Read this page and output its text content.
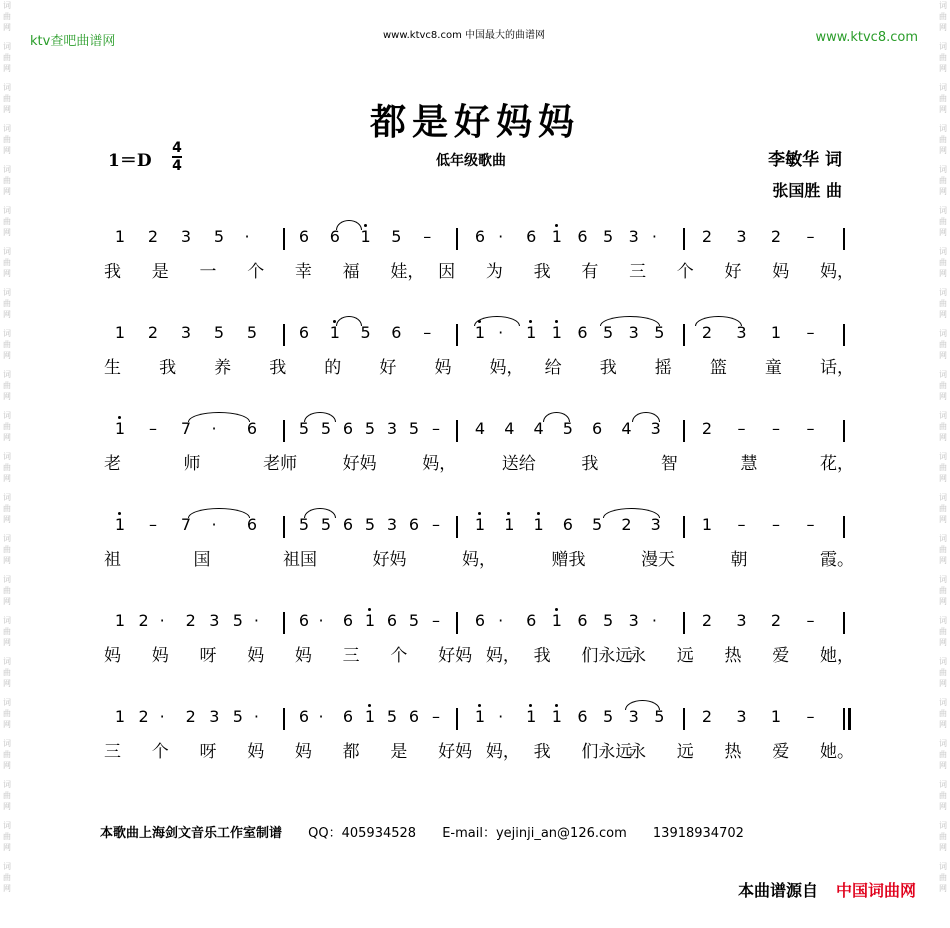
词
曲
网
词
曲
网
词
曲
网
词
曲
网
词
曲
网
词
曲
网
词
曲
网
词
曲
网
词
曲
网
词
曲
网
词
曲
网
词
曲
网
词
曲
网
词
曲
网
词
曲
网
词
曲
网
词
曲
网
词
曲
网
词
曲
网
词
曲
网
词
曲
网
词
曲
网
词
曲
网
词
曲
网
词
曲
网
词
曲
网
词
曲
网
词
曲
网
词
曲
网
词
曲
网
词
曲
网
词
曲
网
词
曲
网
词
曲
网
词
曲
网
词
曲
网
词
曲
网
词
曲
网
词
曲
网
词
曲
网
词
曲
网
词
曲
网
词
曲
网
词
曲
网
ktv查吧曲谱网	www.ktvc8.com 中国最大的曲谱网	www.ktvc8.com
都是好妈妈
1＝D
4
4	低年级歌曲	李敏华 词
张国胜 曲
1	2	3	5	·	6	6	1	5	–	6 ·	6 1 6 5 3 ·	2	3	2	–
我 是 一 个 幸 福 娃， 因 为 我 有 三 个 好 妈 妈，
1	2	3	5	5	6	1	5	6	–	1 ·	1 1 6 5 3 5	2	3	1	–
生 我 养 我 的 好 妈 妈， 给 我 摇 篮 童 话，
1	–	7	·	6	5 5 6 5 3 5 –	4	4	4	5	6	4	3	2	–	–	–
老	师	老师	好妈	妈，	送给	我	智	慧	花，
1	–	7	·	6	5 5 6 5 3 6 –	1	1	1	6	5	2	3	1	–	–	–
祖	国	祖国	好妈	妈，	赠我	漫天	朝	霞。
1 2 ·	2 3 5 ·	6 ·	6 1 6 5 –	6 ·	6 1 6 5 3 ·	2	3	2	–
妈 妈 呀 妈 妈 三 个 好妈 妈， 我 们永远
永 远 热 爱 她，
1 2 ·	2 3 5 ·	6 ·	6 1 5 6 –	1 ·	1 1 6 5 3 5	2	3	1	–
三 个 呀 妈 妈 都 是 好妈 妈， 我 们永远
永 远 热 爱 她。
本歌曲上海剑文音乐工作室制谱 QQ：405934528 E-mail：yejinji_an@126.com 13918934702
本曲谱源自 中国词曲网
